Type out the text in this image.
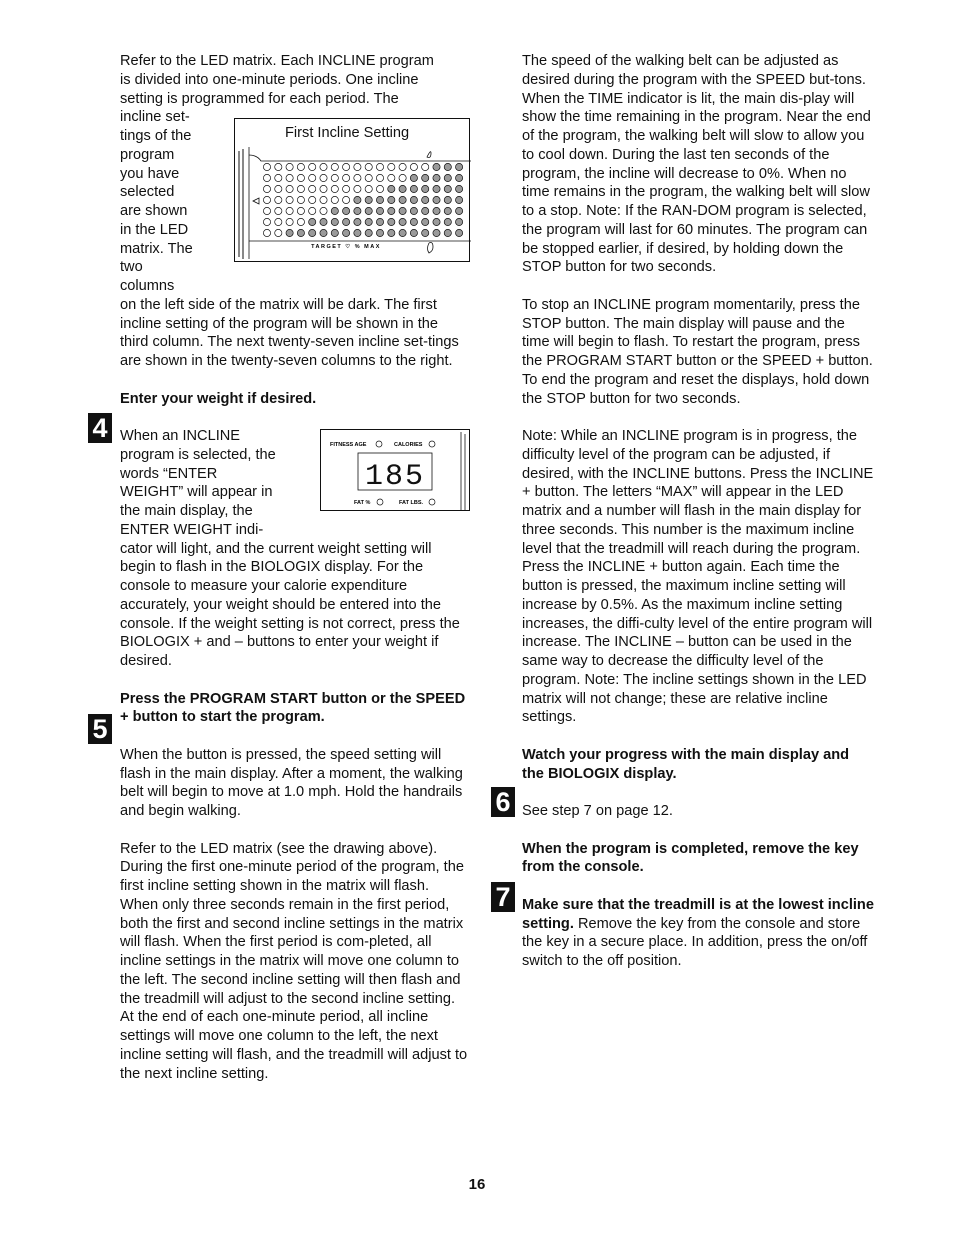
Refer to the LED matrix. Each INCLINE program

is divided into one-minute periods. One incline

setting is programmed for each period. The

First Incline Setting
TARGET ♡ % MAX
incline set-
tings of the
program
you have
selected
are shown
in the LED
matrix. The
two
columns

on the left side of the matrix will be dark. The first incline setting of the program will be shown in the third column. The next twenty-seven incline set-tings are shown in the twenty-seven columns to the right.

Enter your weight if desired.

FITNESS AGE	CALORIES
185
FAT %	FAT LBS.
When an INCLINE
program is selected, the
words “ENTER
WEIGHT” will appear in
the main display, the
ENTER WEIGHT indi-

cator will light, and the current weight setting will begin to flash in the BIOLOGIX display. For the console to measure your calorie expenditure accurately, your weight should be entered into the console. If the weight setting is not correct, press the BIOLOGIX + and – buttons to enter your weight if desired.

Press the PROGRAM START button or the SPEED + button to start the program.

When the button is pressed, the speed setting will flash in the main display. After a moment, the walking belt will begin to move at 1.0 mph. Hold the handrails and begin walking.

Refer to the LED matrix (see the drawing above). During the first one-minute period of the program, the first incline setting shown in the matrix will flash. When only three seconds remain in the first period, both the first and second incline settings in the matrix will flash. When the first period is com-pleted, all incline settings in the matrix will move one column to the left. The second incline setting will then flash and the treadmill will adjust to the second incline setting. At the end of each one-minute period, all incline settings will move one column to the left, the next incline setting will flash, and the treadmill will adjust to the next incline setting.

4
5

The speed of the walking belt can be adjusted as desired during the program with the SPEED but-tons. When the TIME indicator is lit, the main dis-play will show the time remaining in the program. Near the end of the program, the walking belt will slow to allow you to cool down. During the last ten seconds of the program, the incline will decrease to 0%. When no time remains in the program, the walking belt will slow to a stop. Note: If the RAN-DOM program is selected, the program will last for 60 minutes. The program can be stopped earlier, if desired, by holding down the STOP button for two seconds.

To stop an INCLINE program momentarily, press the STOP button. The main display will pause and the time will begin to flash. To restart the program, press the PROGRAM START button or the SPEED + button. To end the program and reset the displays, hold down the STOP button for two seconds.

Note: While an INCLINE program is in progress, the difficulty level of the program can be adjusted, if desired, with the INCLINE buttons. Press the INCLINE + button. The letters “MAX” will appear in the LED matrix and a number will flash in the main display for three seconds. This number is the maximum incline level that the treadmill will reach during the program. Press the INCLINE + button again. Each time the button is pressed, the maximum incline setting will increase by 0.5%. As the maximum incline setting increases, the diffi-culty level of the entire program will increase. The INCLINE – button can be used in the same way to decrease the difficulty level of the program. Note: The incline settings shown in the LED matrix will not change; these are relative incline settings.

Watch your progress with the main display and the BIOLOGIX display.

See step 7 on page 12.

When the program is completed, remove the key from the console.

Make sure that the treadmill is at the lowest incline setting. Remove the key from the console and store the key in a secure place. In addition, press the on/off switch to the off position.

6
7
16
